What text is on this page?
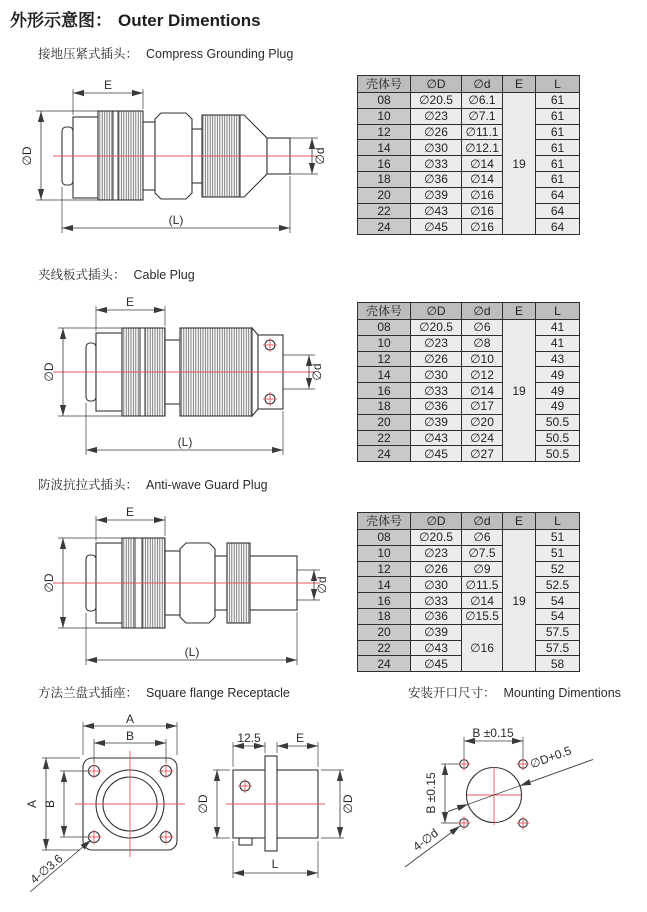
外形示意图： Outer Dimentions
接地压紧式插头： Compress Grounding Plug
E
∅D	∅d
(L)
壳体号	∅D	∅d	E	L
08	∅20.5	∅6.1	19	61
10	∅23	∅7.1		61
12	∅26	∅11.1		61
14	∅30	∅12.1		61
16	∅33	∅14		61
18	∅36	∅14		61
20	∅39	∅16		64
22	∅43	∅16		64
24	∅45	∅16		64
夹线板式插头： Cable Plug
E
∅D	∅d
(L)
壳体号	∅D	∅d	E	L
08	∅20.5	∅6	19	41
10	∅23	∅8		41
12	∅26	∅10		43
14	∅30	∅12		49
16	∅33	∅14		49
18	∅36	∅17		49
20	∅39	∅20		50.5
22	∅43	∅24		50.5
24	∅45	∅27		50.5
防波抗拉式插头： Anti-wave Guard Plug
E
∅D	∅d
(L)
壳体号	∅D	∅d	E	L
08	∅20.5	∅6	19	51
10	∅23	∅7.5		51
12	∅26	∅9		52
14	∅30	∅11.5		52.5
16	∅33	∅14		54
18	∅36	∅15.5		54
20	∅39	∅16		57.5
22	∅43			57.5
24	∅45			58
方法兰盘式插座： Square flange Receptacle	安装开口尺寸： Mounting Dimentions
A
B
A B
4-∅3.6
12.5	E
∅D	∅D
L
B ±0.15
B ±0.15
∅D+0.5
4-∅d
